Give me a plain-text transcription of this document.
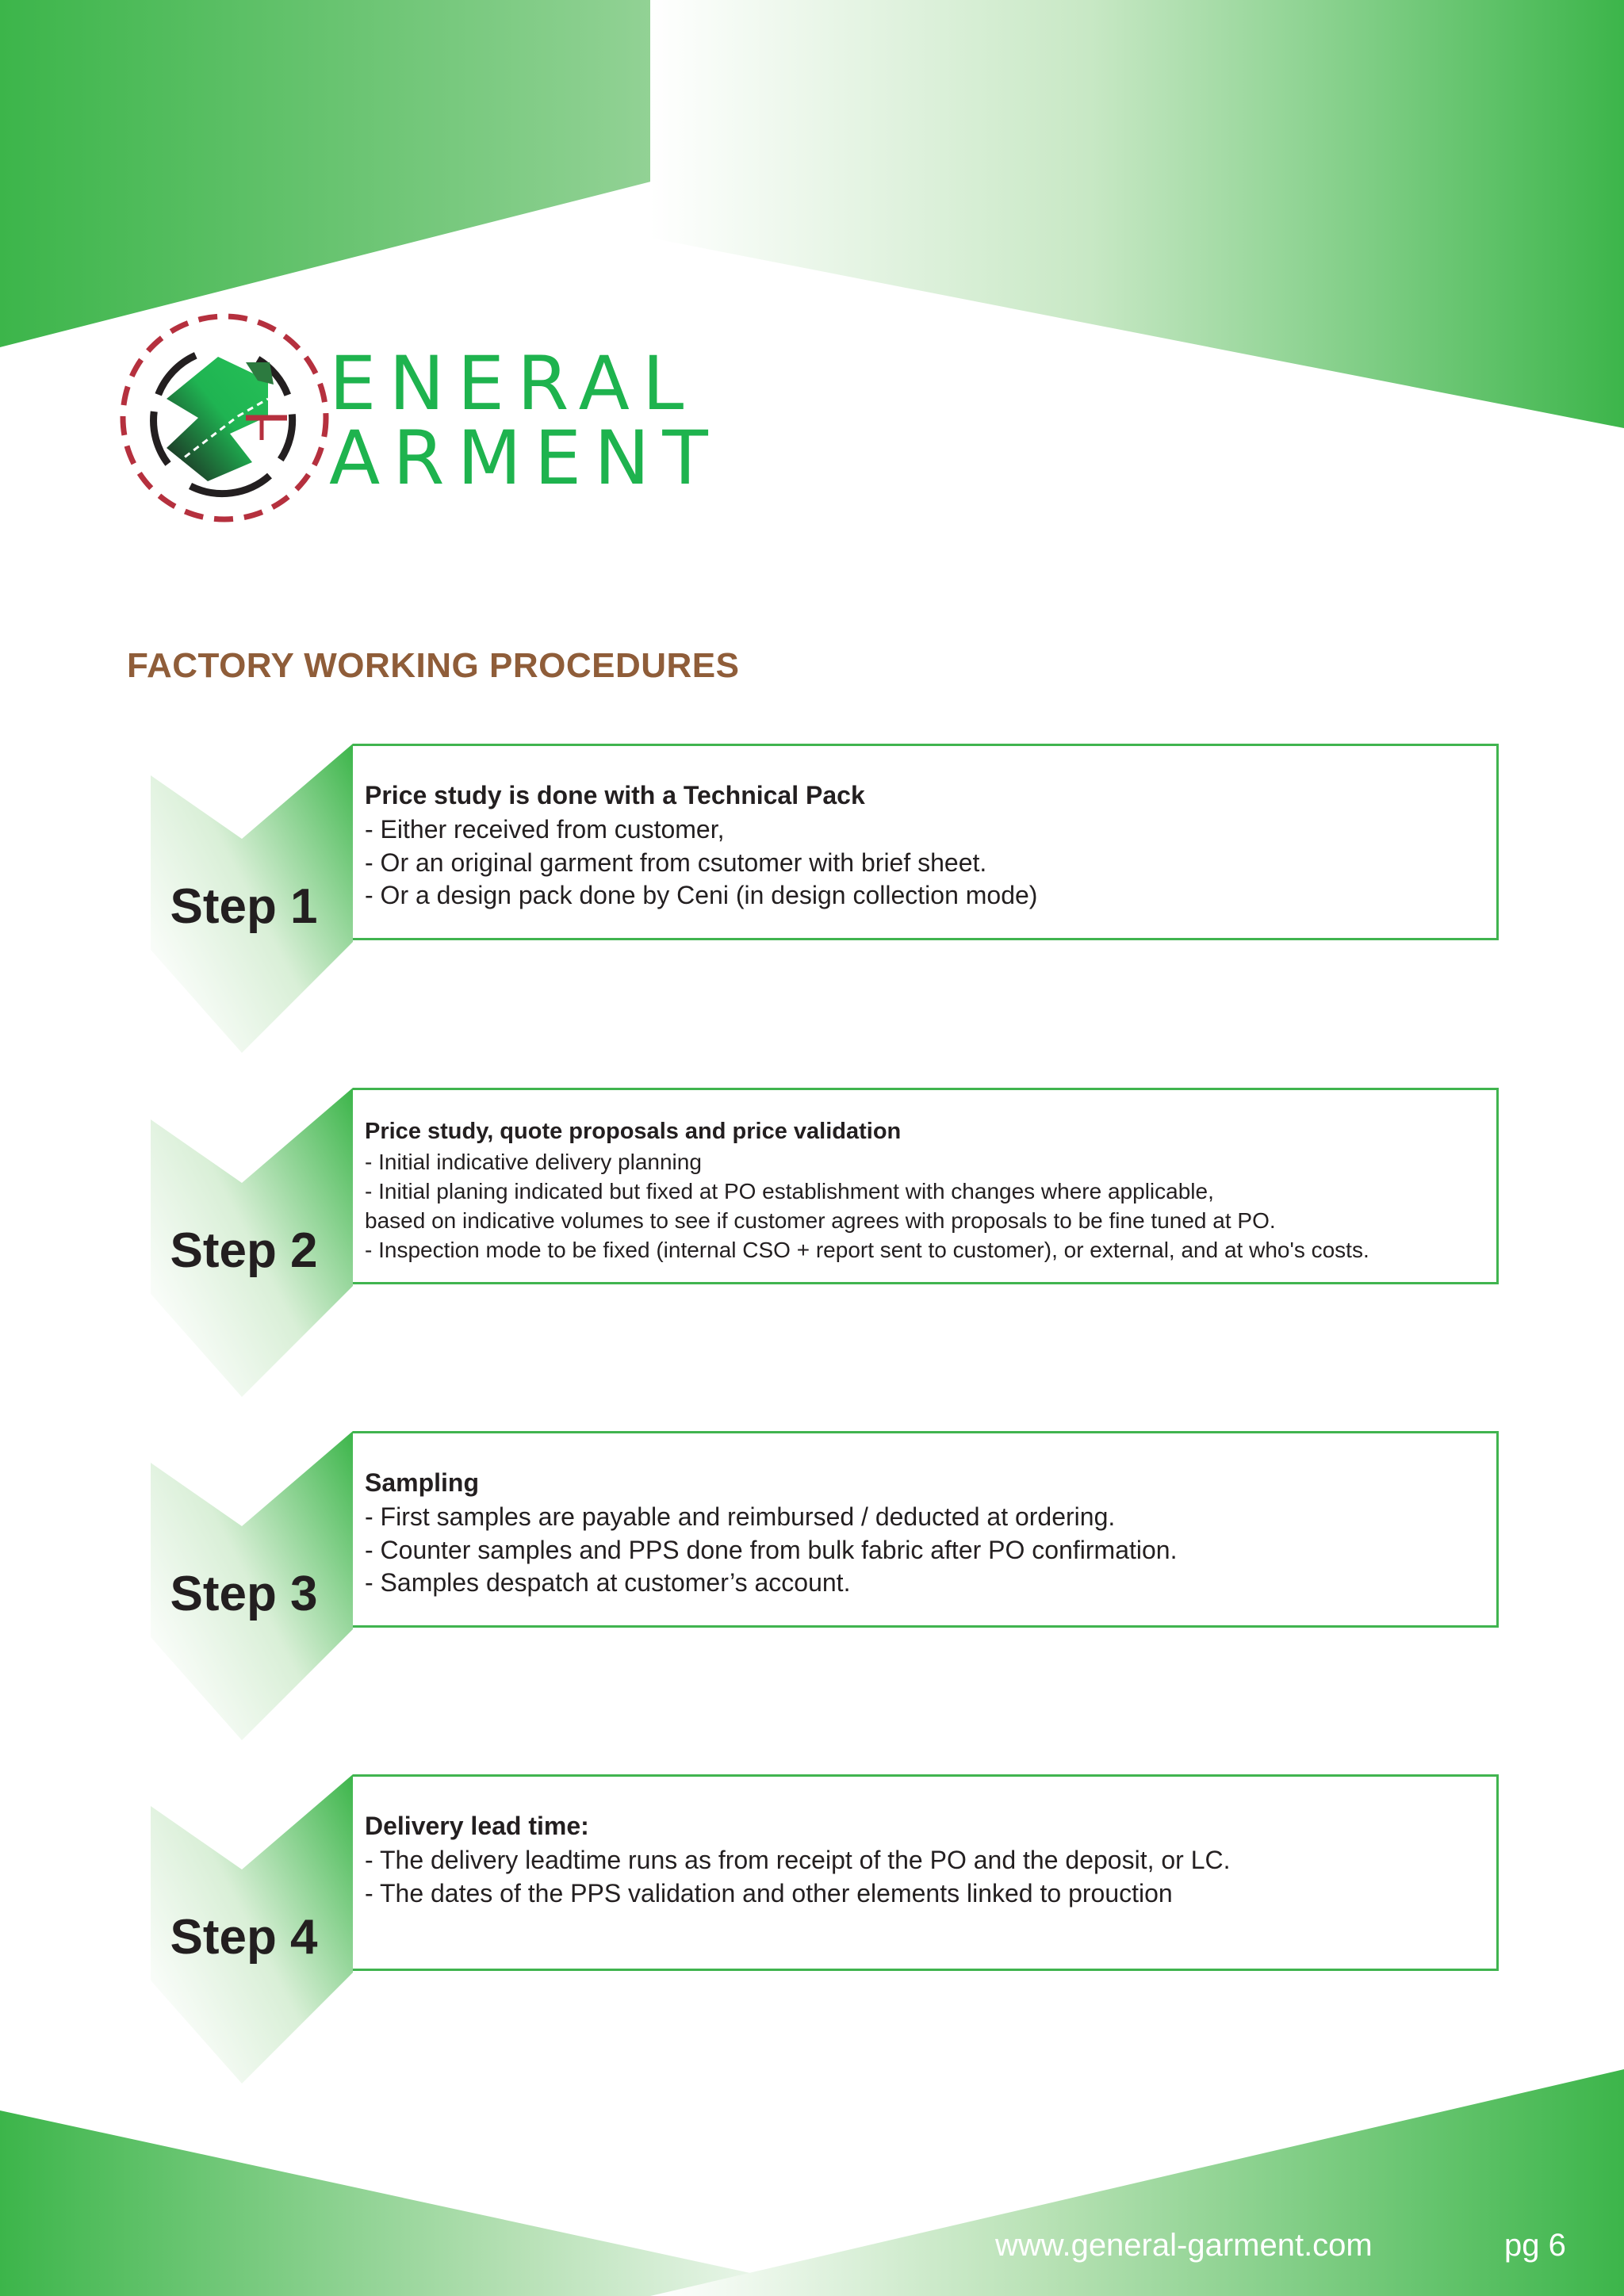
ENERAL
ARMENT
FACTORY WORKING PROCEDURES
Step 1

Price study is done with a Technical Pack

- Either received from customer,

- Or an original garment from csutomer with brief sheet.

- Or a design pack done by Ceni (in design collection mode)

Step 2

Price study, quote proposals and price validation

- Initial indicative delivery planning

- Initial planing indicated but fixed at PO establishment with changes where applicable,

based on indicative volumes to see if customer agrees with proposals to be fine tuned at PO.

- Inspection mode to be fixed (internal CSO + report sent to customer), or external, and at who's costs.

Step 3

Sampling

- First samples are payable and reimbursed / deducted at ordering.

- Counter samples and PPS done from bulk fabric after PO confirmation.

- Samples despatch at customer’s account.

Step 4

Delivery lead time:

- The delivery leadtime runs as from receipt of the PO and the deposit, or LC.

- The dates of the PPS validation and other elements linked to prouction

www.general-garment.com	pg 6
